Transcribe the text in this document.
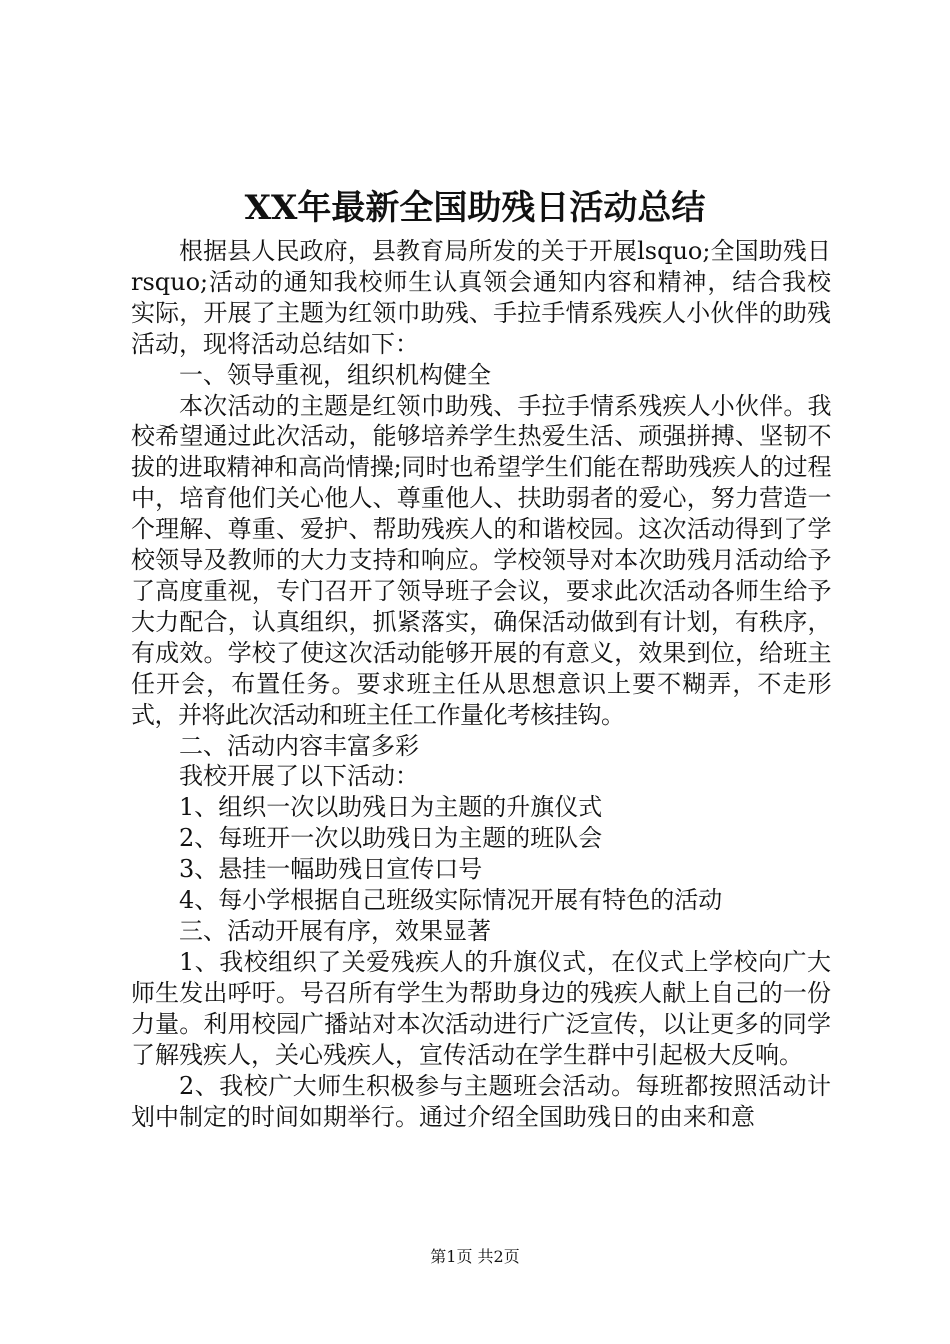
XX年最新全国助残日活动总结

根据县人民政府，县教育局所发的关于开展lsquo;全国助残日rsquo;活动的通知我校师生认真领会通知内容和精神，结合我校实际，开展了主题为红领巾助残、手拉手情系残疾人小伙伴的助残活动，现将活动总结如下：

一、领导重视，组织机构健全

本次活动的主题是红领巾助残、手拉手情系残疾人小伙伴。我校希望通过此次活动，能够培养学生热爱生活、顽强拼搏、坚韧不拔的进取精神和高尚情操;同时也希望学生们能在帮助残疾人的过程中，培育他们关心他人、尊重他人、扶助弱者的爱心，努力营造一个理解、尊重、爱护、帮助残疾人的和谐校园。这次活动得到了学校领导及教师的大力支持和响应。学校领导对本次助残月活动给予了高度重视，专门召开了领导班子会议，要求此次活动各师生给予大力配合，认真组织，抓紧落实，确保活动做到有计划，有秩序，有成效。学校了使这次活动能够开展的有意义，效果到位，给班主任开会，布置任务。要求班主任从思想意识上要不糊弄，不走形式，并将此次活动和班主任工作量化考核挂钩。

二、活动内容丰富多彩

我校开展了以下活动：

1、组织一次以助残日为主题的升旗仪式

2、每班开一次以助残日为主题的班队会

3、悬挂一幅助残日宣传口号

4、每小学根据自己班级实际情况开展有特色的活动

三、活动开展有序，效果显著

1、我校组织了关爱残疾人的升旗仪式，在仪式上学校向广大师生发出呼吁。号召所有学生为帮助身边的残疾人献上自己的一份力量。利用校园广播站对本次活动进行广泛宣传，以让更多的同学了解残疾人，关心残疾人，宣传活动在学生群中引起极大反响。

2、我校广大师生积极参与主题班会活动。每班都按照活动计划中制定的时间如期举行。通过介绍全国助残日的由来和意

第1页 共2页
